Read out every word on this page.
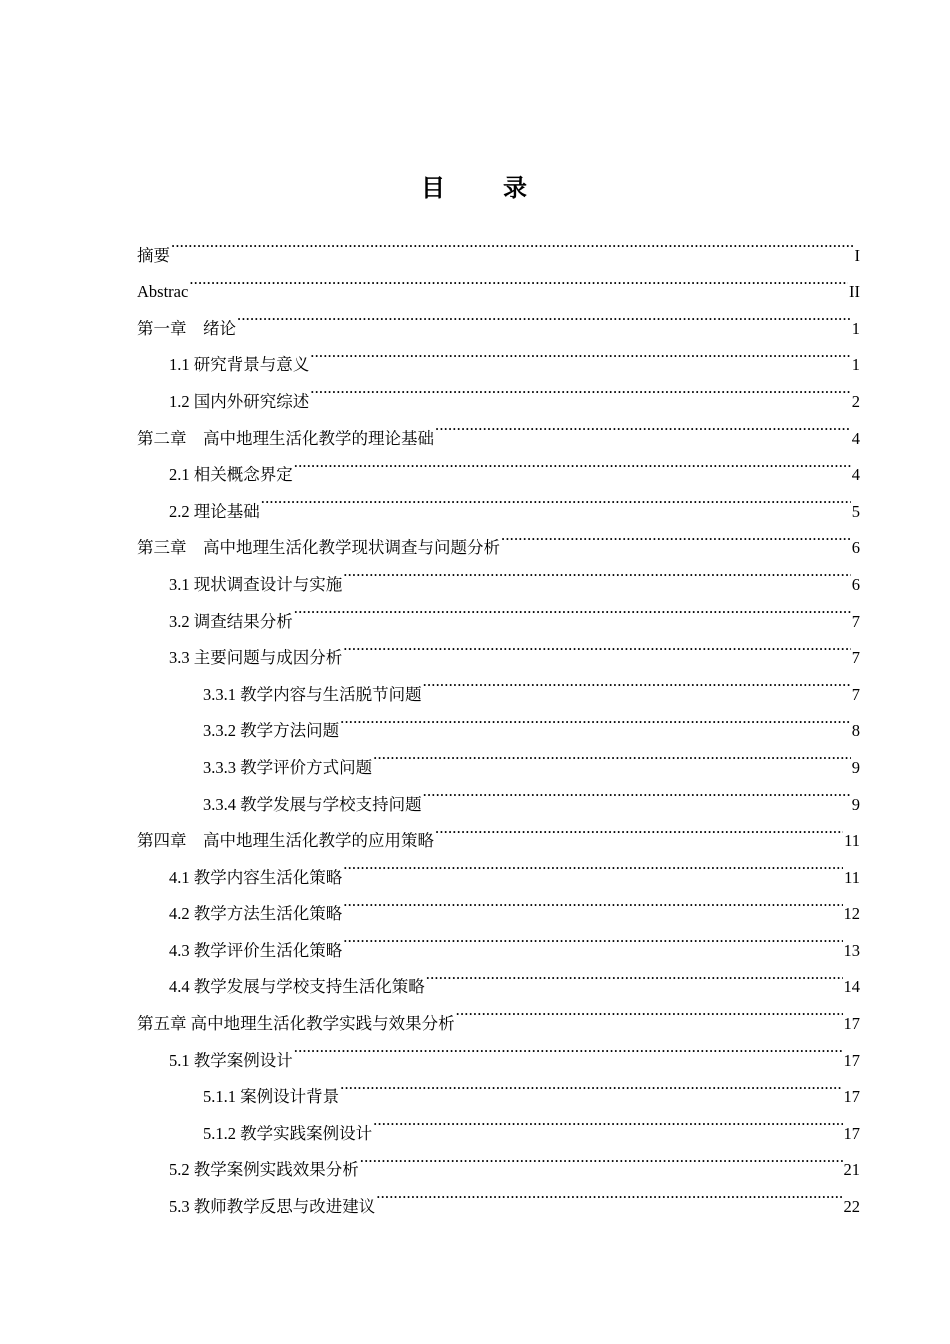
目 录
摘要 .....	I
Abstrac .....	II
第一章　绪论 .....	1
1.1 研究背景与意义 .....	1
1.2 国内外研究综述 .....	2
第二章　高中地理生活化教学的理论基础 .....	4
2.1 相关概念界定 .....	4
2.2 理论基础 .....	5
第三章　高中地理生活化教学现状调查与问题分析 .....	6
3.1 现状调查设计与实施 .....	6
3.2 调查结果分析 .....	7
3.3 主要问题与成因分析 .....	7
3.3.1 教学内容与生活脱节问题 .....	7
3.3.2 教学方法问题 .....	8
3.3.3 教学评价方式问题 .....	9
3.3.4 教学发展与学校支持问题 .....	9
第四章　高中地理生活化教学的应用策略 .....	11
4.1 教学内容生活化策略 .....	11
4.2 教学方法生活化策略 .....	12
4.3 教学评价生活化策略 .....	13
4.4 教学发展与学校支持生活化策略 .....	14
第五章 高中地理生活化教学实践与效果分析 .....	17
5.1 教学案例设计 .....	17
5.1.1 案例设计背景 .....	17
5.1.2 教学实践案例设计 .....	17
5.2 教学案例实践效果分析 .....	21
5.3 教师教学反思与改进建议 .....	22
